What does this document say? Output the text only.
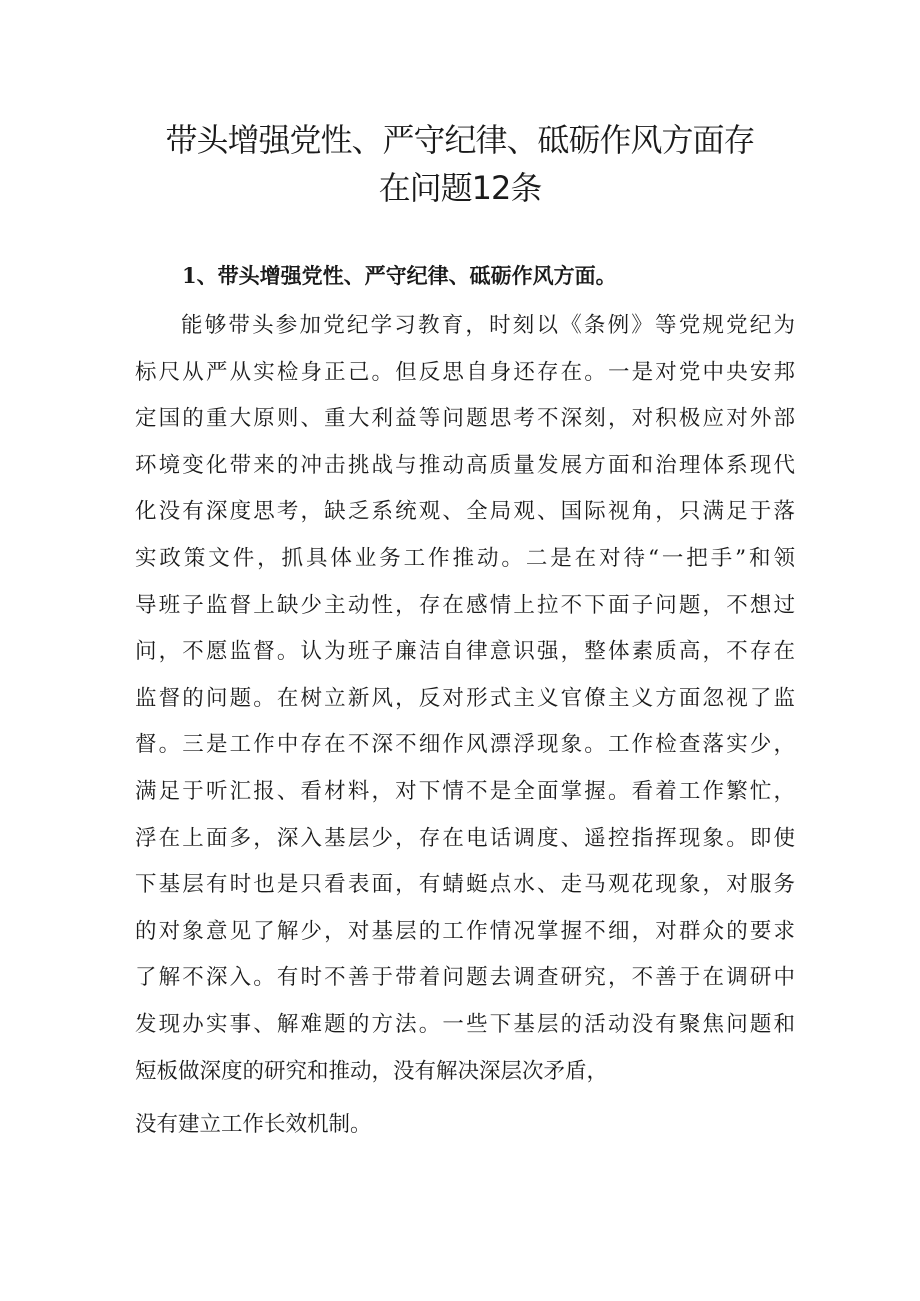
带头增强党性、严守纪律、砥砺作风方面存
在问题12条

1、带头增强党性、严守纪律、砥砺作风方面。

能够带头参加党纪学习教育，时刻以《条例》等党规党纪为
标尺从严从实检身正己。但反思自身还存在。一是对党中央安邦
定国的重大原则、重大利益等问题思考不深刻，对积极应对外部
环境变化带来的冲击挑战与推动高质量发展方面和治理体系现代
化没有深度思考，缺乏系统观、全局观、国际视角，只满足于落
实政策文件，抓具体业务工作推动。二是在对待“一把手”和领
导班子监督上缺少主动性，存在感情上拉不下面子问题，不想过
问，不愿监督。认为班子廉洁自律意识强，整体素质高，不存在
监督的问题。在树立新风，反对形式主义官僚主义方面忽视了监
督。三是工作中存在不深不细作风漂浮现象。工作检查落实少，
满足于听汇报、看材料，对下情不是全面掌握。看着工作繁忙，
浮在上面多，深入基层少，存在电话调度、遥控指挥现象。即使
下基层有时也是只看表面，有蜻蜓点水、走马观花现象，对服务
的对象意见了解少，对基层的工作情况掌握不细，对群众的要求
了解不深入。有时不善于带着问题去调查研究，不善于在调研中
发现办实事、解难题的方法。一些下基层的活动没有聚焦问题和
短板做深度的研究和推动，没有解决深层次矛盾，

没有建立工作长效机制。
